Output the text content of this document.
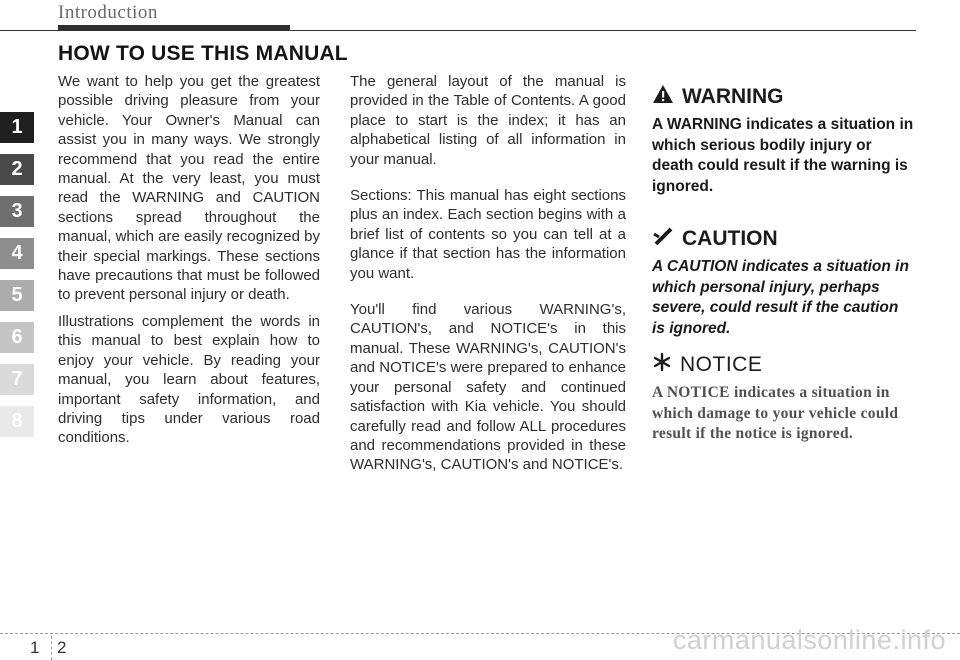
Introduction
HOW TO USE THIS MANUAL
1
2
3
4
5
6
7
8

We want to help you get the greatest possible driving pleasure from your vehicle. Your Owner's Manual can assist you in many ways. We strongly recommend that you read the entire manual. At the very least, you must read the WARNING and CAUTION sections spread throughout the manual, which are easily recognized by their special markings. These sections have precautions that must be followed to prevent personal injury or death.

Illustrations complement the words in this manual to best explain how to enjoy your vehicle. By reading your manual, you learn about features, important safety information, and driving tips under various road conditions.

The general layout of the manual is provided in the Table of Contents. A good place to start is the index; it has an alphabetical listing of all information in your manual.

Sections: This manual has eight sections plus an index. Each section begins with a brief list of contents so you can tell at a glance if that section has the information you want.

You'll find various WARNING's, CAUTION's, and NOTICE's in this manual. These WARNING's, CAUTION's and NOTICE's were prepared to enhance your personal safety and continued satisfaction with Kia vehicle. You should carefully read and follow ALL procedures and recommendations provided in these WARNING's, CAUTION's and NOTICE's.

WARNING
A WARNING indicates a situation in which serious bodily injury or death could result if the warning is ignored.
CAUTION
A CAUTION indicates a situation in which personal injury, perhaps severe, could result if the caution is ignored.
NOTICE
A NOTICE indicates a situation in which damage to your vehicle could result if the notice is ignored.
1 2	carmanualsonline.info
